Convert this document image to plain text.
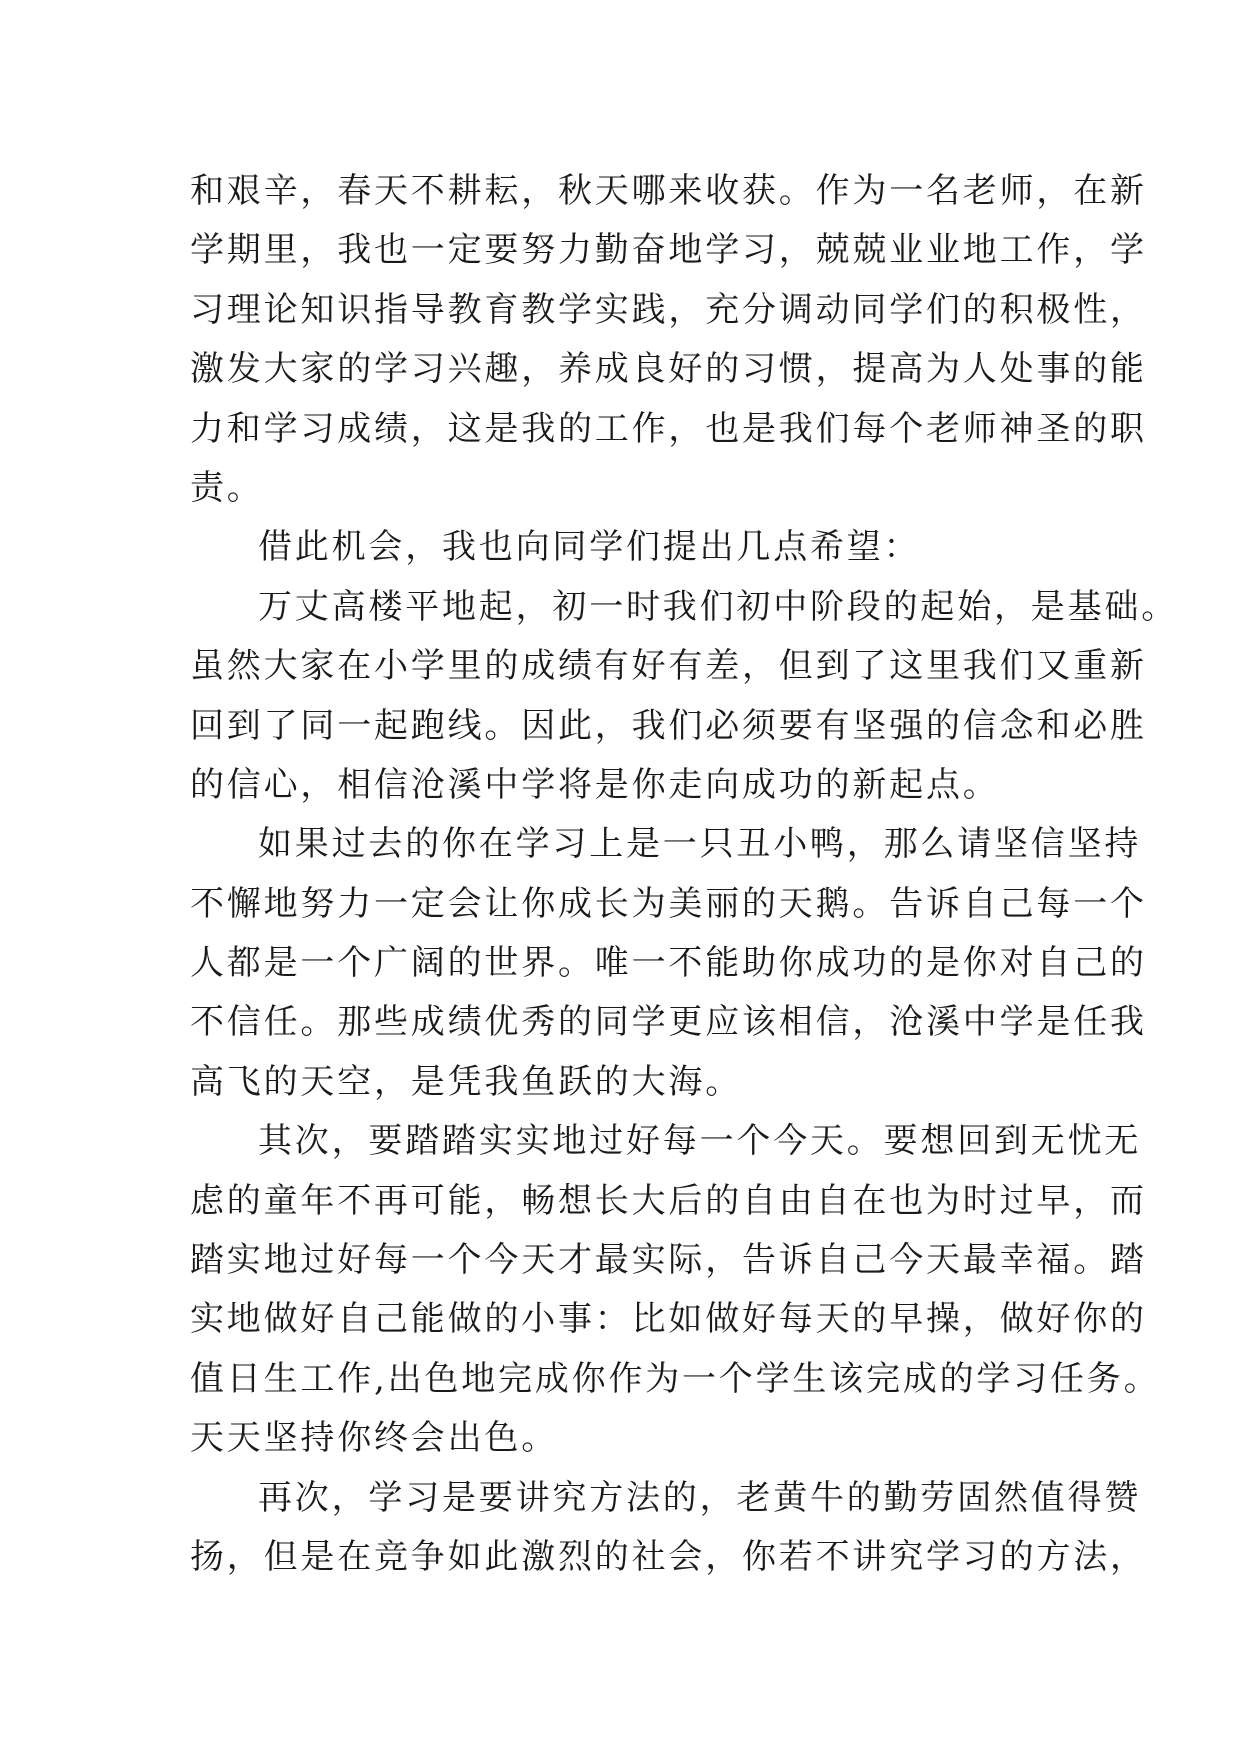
和艰辛，春天不耕耘，秋天哪来收获。作为一名老师，在新
学期里，我也一定要努力勤奋地学习，兢兢业业地工作，学
习理论知识指导教育教学实践，充分调动同学们的积极性，
激发大家的学习兴趣，养成良好的习惯，提高为人处事的能
力和学习成绩，这是我的工作，也是我们每个老师神圣的职
责。
借此机会，我也向同学们提出几点希望：
万丈高楼平地起，初一时我们初中阶段的起始，是基础。
虽然大家在小学里的成绩有好有差，但到了这里我们又重新
回到了同一起跑线。因此，我们必须要有坚强的信念和必胜
的信心，相信沧溪中学将是你走向成功的新起点。
如果过去的你在学习上是一只丑小鸭，那么请坚信坚持
不懈地努力一定会让你成长为美丽的天鹅。告诉自己每一个
人都是一个广阔的世界。唯一不能助你成功的是你对自己的
不信任。那些成绩优秀的同学更应该相信，沧溪中学是任我
高飞的天空，是凭我鱼跃的大海。
其次，要踏踏实实地过好每一个今天。要想回到无忧无
虑的童年不再可能，畅想长大后的自由自在也为时过早，而
踏实地过好每一个今天才最实际，告诉自己今天最幸福。踏
实地做好自己能做的小事：比如做好每天的早操，做好你的
值日生工作,出色地完成你作为一个学生该完成的学习任务。
天天坚持你终会出色。
再次，学习是要讲究方法的，老黄牛的勤劳固然值得赞
扬，但是在竞争如此激烈的社会，你若不讲究学习的方法，
